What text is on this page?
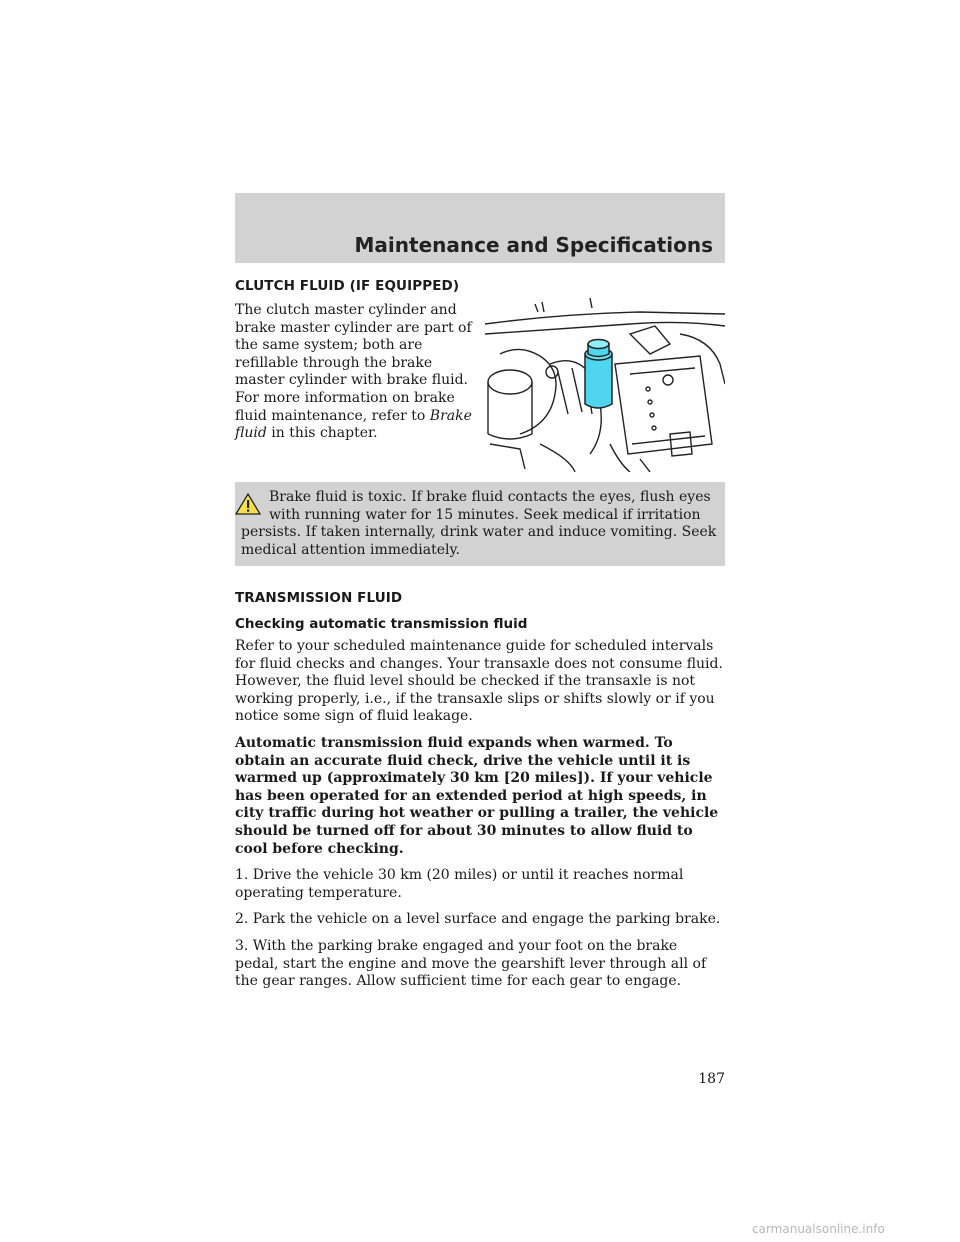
Maintenance and Specifications
CLUTCH FLUID (IF EQUIPPED)

The clutch master cylinder and brake master cylinder are part of the same system; both are refillable through the brake master cylinder with brake fluid. For more information on brake fluid maintenance, refer to Brake fluid in this chapter.

Brake fluid is toxic. If brake fluid contacts the eyes, flush eyes with running water for 15 minutes. Seek medical if irritation
persists. If taken internally, drink water and induce vomiting. Seek medical attention immediately.
TRANSMISSION FLUID
Checking automatic transmission fluid

Refer to your scheduled maintenance guide for scheduled intervals for fluid checks and changes. Your transaxle does not consume fluid. However, the fluid level should be checked if the transaxle is not working properly, i.e., if the transaxle slips or shifts slowly or if you notice some sign of fluid leakage.

Automatic transmission fluid expands when warmed. To obtain an accurate fluid check, drive the vehicle until it is warmed up (approximately 30 km [20 miles]). If your vehicle has been operated for an extended period at high speeds, in city traffic during hot weather or pulling a trailer, the vehicle should be turned off for about 30 minutes to allow fluid to cool before checking.

1. Drive the vehicle 30 km (20 miles) or until it reaches normal operating temperature.

2. Park the vehicle on a level surface and engage the parking brake.

3. With the parking brake engaged and your foot on the brake pedal, start the engine and move the gearshift lever through all of the gear ranges. Allow sufficient time for each gear to engage.

187
carmanualsonline.info
